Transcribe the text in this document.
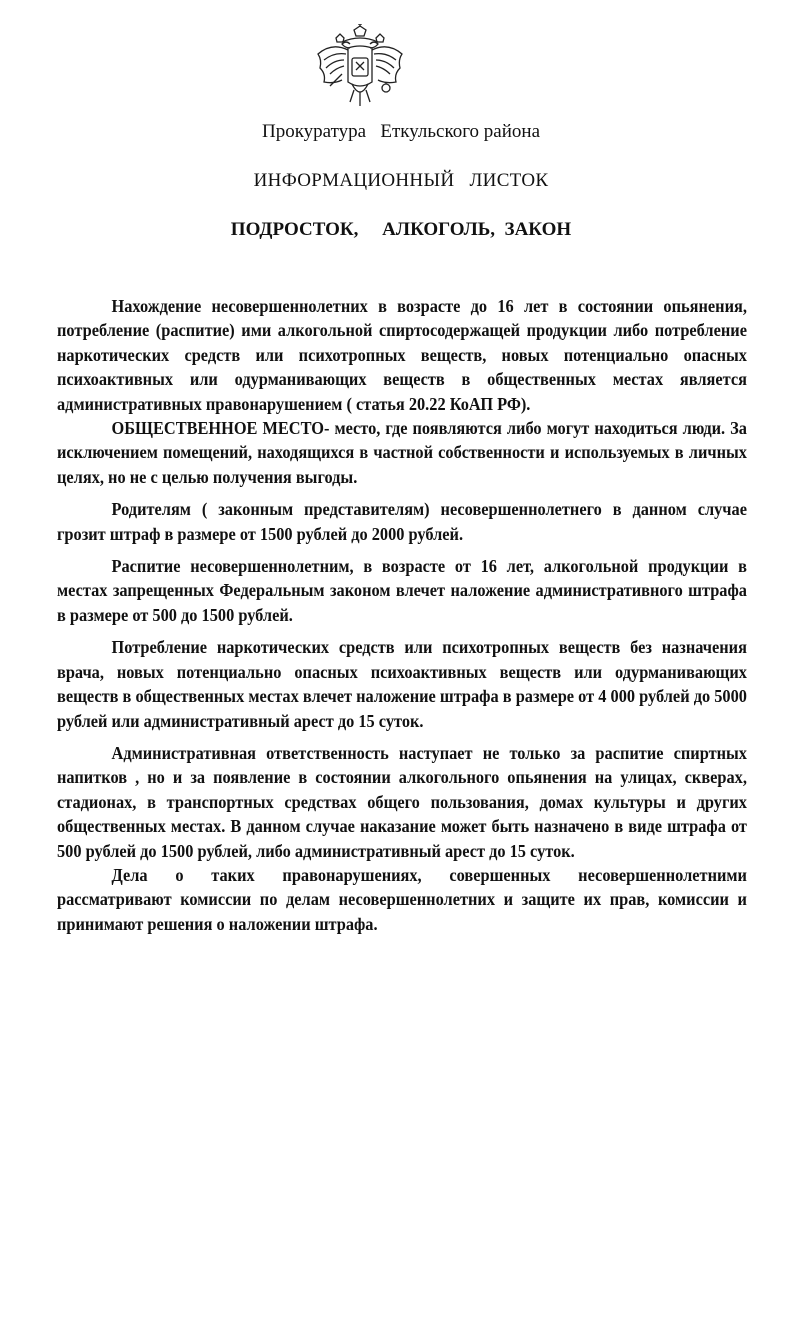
Прокуратура   Еткульского района
ИНФОРМАЦИОННЫЙ   ЛИСТОК
ПОДРОСТОК,     АЛКОГОЛЬ,  ЗАКОН

Нахождение несовершеннолетних в возрасте до 16 лет в состоянии опьянения, потребление (распитие) ими алкогольной спиртосодержащей продукции либо потребление наркотических средств или психотропных веществ, новых потенциально опасных психоактивных или одурманивающих веществ в общественных местах является административных правонарушением ( статья 20.22 КоАП РФ).

ОБЩЕСТВЕННОЕ МЕСТО- место, где появляются либо могут находиться люди. За исключением помещений, находящихся в частной собственности и используемых в личных целях, но не с целью получения выгоды.

Родителям ( законным представителям) несовершеннолетнего в данном случае грозит штраф в размере от 1500 рублей до 2000 рублей.

Распитие несовершеннолетним, в возрасте от 16 лет, алкогольной продукции в местах запрещенных Федеральным законом влечет наложение административного штрафа в размере от 500 до 1500 рублей.

Потребление наркотических средств или психотропных веществ без назначения врача, новых потенциально опасных психоактивных веществ или одурманивающих веществ в общественных местах влечет наложение штрафа в размере от 4 000 рублей до 5000 рублей или административный арест до 15 суток.

Административная ответственность наступает не только за распитие спиртных напитков , но и за появление в состоянии алкогольного опьянения на улицах, скверах, стадионах, в транспортных средствах общего пользования, домах культуры и других общественных местах. В данном случае наказание может быть назначено в виде штрафа от 500 рублей до 1500 рублей, либо административный арест до 15 суток.

Дела о таких правонарушениях, совершенных несовершеннолетними рассматривают комиссии по делам несовершеннолетних и защите их прав, комиссии и принимают решения о наложении штрафа.
